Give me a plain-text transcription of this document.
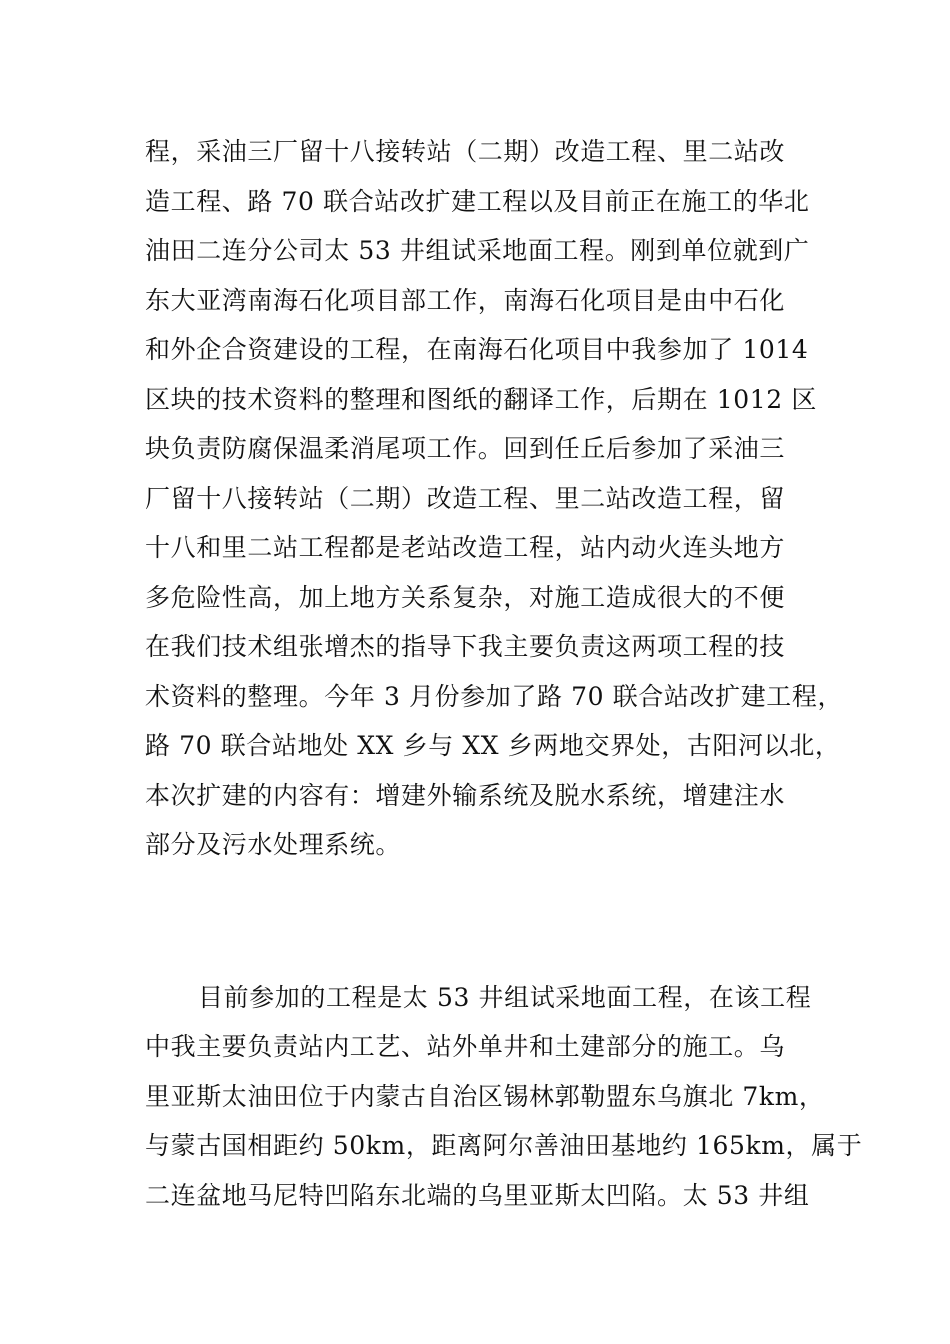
程，采油三厂留十八接转站（二期）改造工程、里二站改
造工程、路 70 联合站改扩建工程以及目前正在施工的华北
油田二连分公司太 53 井组试采地面工程。刚到单位就到广
东大亚湾南海石化项目部工作，南海石化项目是由中石化
和外企合资建设的工程，在南海石化项目中我参加了 1014
区块的技术资料的整理和图纸的翻译工作，后期在 1012 区
块负责防腐保温柔消尾项工作。回到任丘后参加了采油三
厂留十八接转站（二期）改造工程、里二站改造工程，留
十八和里二站工程都是老站改造工程，站内动火连头地方
多危险性高，加上地方关系复杂，对施工造成很大的不便
在我们技术组张增杰的指导下我主要负责这两项工程的技
术资料的整理。今年 3 月份参加了路 70 联合站改扩建工程，
路 70 联合站地处 XX 乡与 XX 乡两地交界处，古阳河以北，
本次扩建的内容有：增建外输系统及脱水系统，增建注水
部分及污水处理系统。
目前参加的工程是太 53 井组试采地面工程，在该工程
中我主要负责站内工艺、站外单井和土建部分的施工。乌
里亚斯太油田位于内蒙古自治区锡林郭勒盟东乌旗北 7km，
与蒙古国相距约 50km，距离阿尔善油田基地约 165km，属于
二连盆地马尼特凹陷东北端的乌里亚斯太凹陷。太 53 井组
